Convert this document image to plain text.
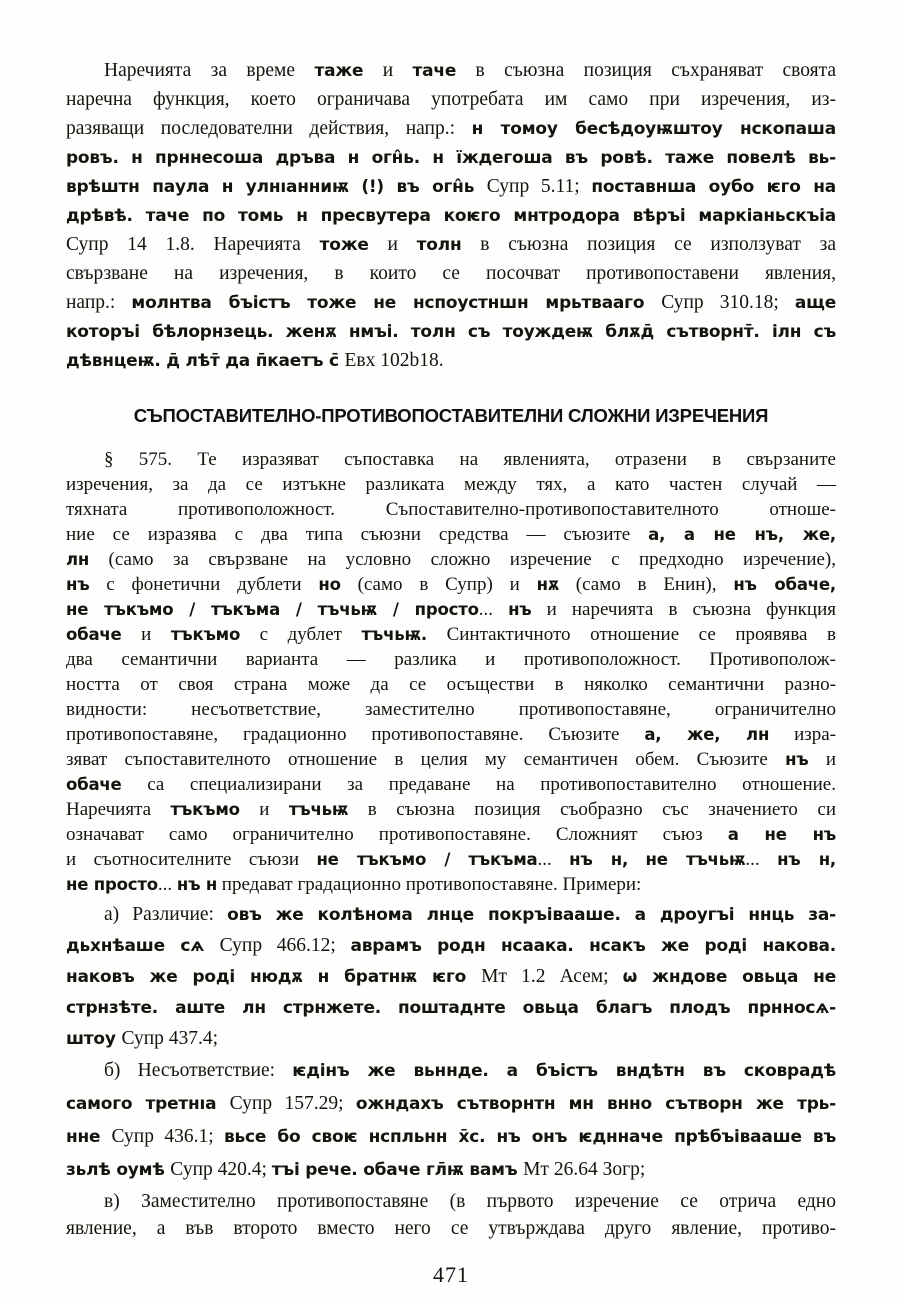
Наречията за време таже и таче в съюзна позиция съхраняват своята
наречна функция, което ограничава употребата им само при изречения, из-
разяващи последователни действия, напр.: н томоу бесѣдоуѭштоу нскопаша
ровъ. н прннесоша дръва н огн̂ь. н їждегоша въ ровѣ. таже повелѣ вь-
врѣштн паула н улнıанниѭ (!) въ огн̂ь Супр 5.11; поставнша оубо ѥго на
дрѣвѣ. таче по томь н пресвутера коѥго мнтродора вѣръі маркіаньскъіа
Супр 14 1.8. Наречията тоже и толн в съюзна позиция се използуват за
свързване на изречения, в които се посочват противопоставени явления,
напр.: молнтва бъістъ тоже не нспоустншн мрьтвааго Супр 310.18; аще
которъі бѣлорнзець. женѫ нмъі. толн съ тоуждеѭ блѫд̄ сътворнт̄. ілн съ
дѣвнцеѭ. д̄ лѣт̄ да п̄каетъ с̄ Евх 102b18.
СЪПОСТАВИТЕЛНО-ПРОТИВОПОСТАВИТЕЛНИ СЛОЖНИ ИЗРЕЧЕНИЯ
§ 575. Те изразяват съпоставка на явленията, отразени в свързаните
изречения, за да се изтъкне разликата между тях, а като частен случай —
тяхната противоположност. Съпоставително-противопоставителното отноше-
ние се изразява с два типа съюзни средства — съюзите а, а не нъ, же,
лн (само за свързване на условно сложно изречение с предходно изречение),
нъ с фонетични дублети но (само в Супр) и нѫ (само в Енин), нъ обаче,
не тъкъмо / тъкъма / тъчьѭ / просто... нъ и наречията в съюзна функция
обаче и тъкъмо с дублет тъчьѭ. Синтактичното отношение се проявява в
два семантични варианта — разлика и противоположност. Противополож-
ността от своя страна може да се осъществи в няколко семантични разно-
видности: несъответствие, заместително противопоставяне, ограничително
противопоставяне, градационно противопоставяне. Съюзите а, же, лн изра-
зяват съпоставителното отношение в целия му семантичен обем. Съюзите нъ и
обаче са специализирани за предаване на противопоставително отношение.
Наречията тъкъмо и тъчьѭ в съюзна позиция съобразно със значението си
означават само ограничително противопоставяне. Сложният съюз а не нъ
и съотносителните съюзи не тъкъмо / тъкъма... нъ н, не тъчьѭ... нъ н,
не просто... нъ н предават градационно противопоставяне. Примери:
а) Различие: овъ же колѣнома лнце покръівааше. а дроугъі ннць за-
дьхнѣаше сѧ Супр 466.12; аврамъ родн нсаака. нсакъ же роді накова.
наковъ же роді нюдѫ н братнѭ ѥго Мт 1.2 Асем; ѡ жндове овьца не
стрнзѣте. аште лн стрнжете. поштаднте овьца благъ плодъ прнносѧ-
штоу Супр 437.4;
б) Несъответствие: ѥдінъ же вьннде. а бъістъ вндѣтн въ сковрадѣ
самого третнıа Супр 157.29; ожндахъ сътворнтн мн внно сътворн же трь-
нне Супр 436.1; вьсе бо своѥ нспльнн х̄с. нъ онъ ѥднначе прѣбъівааше въ
зьлѣ оумѣ Супр 420.4; тъі рече. обаче гл̄ѭ вамъ Мт 26.64 Зогр;
в) Заместително противопоставяне (в първото изречение се отрича едно
явление, а във второто вместо него се утвърждава друго явление, противо-
471
